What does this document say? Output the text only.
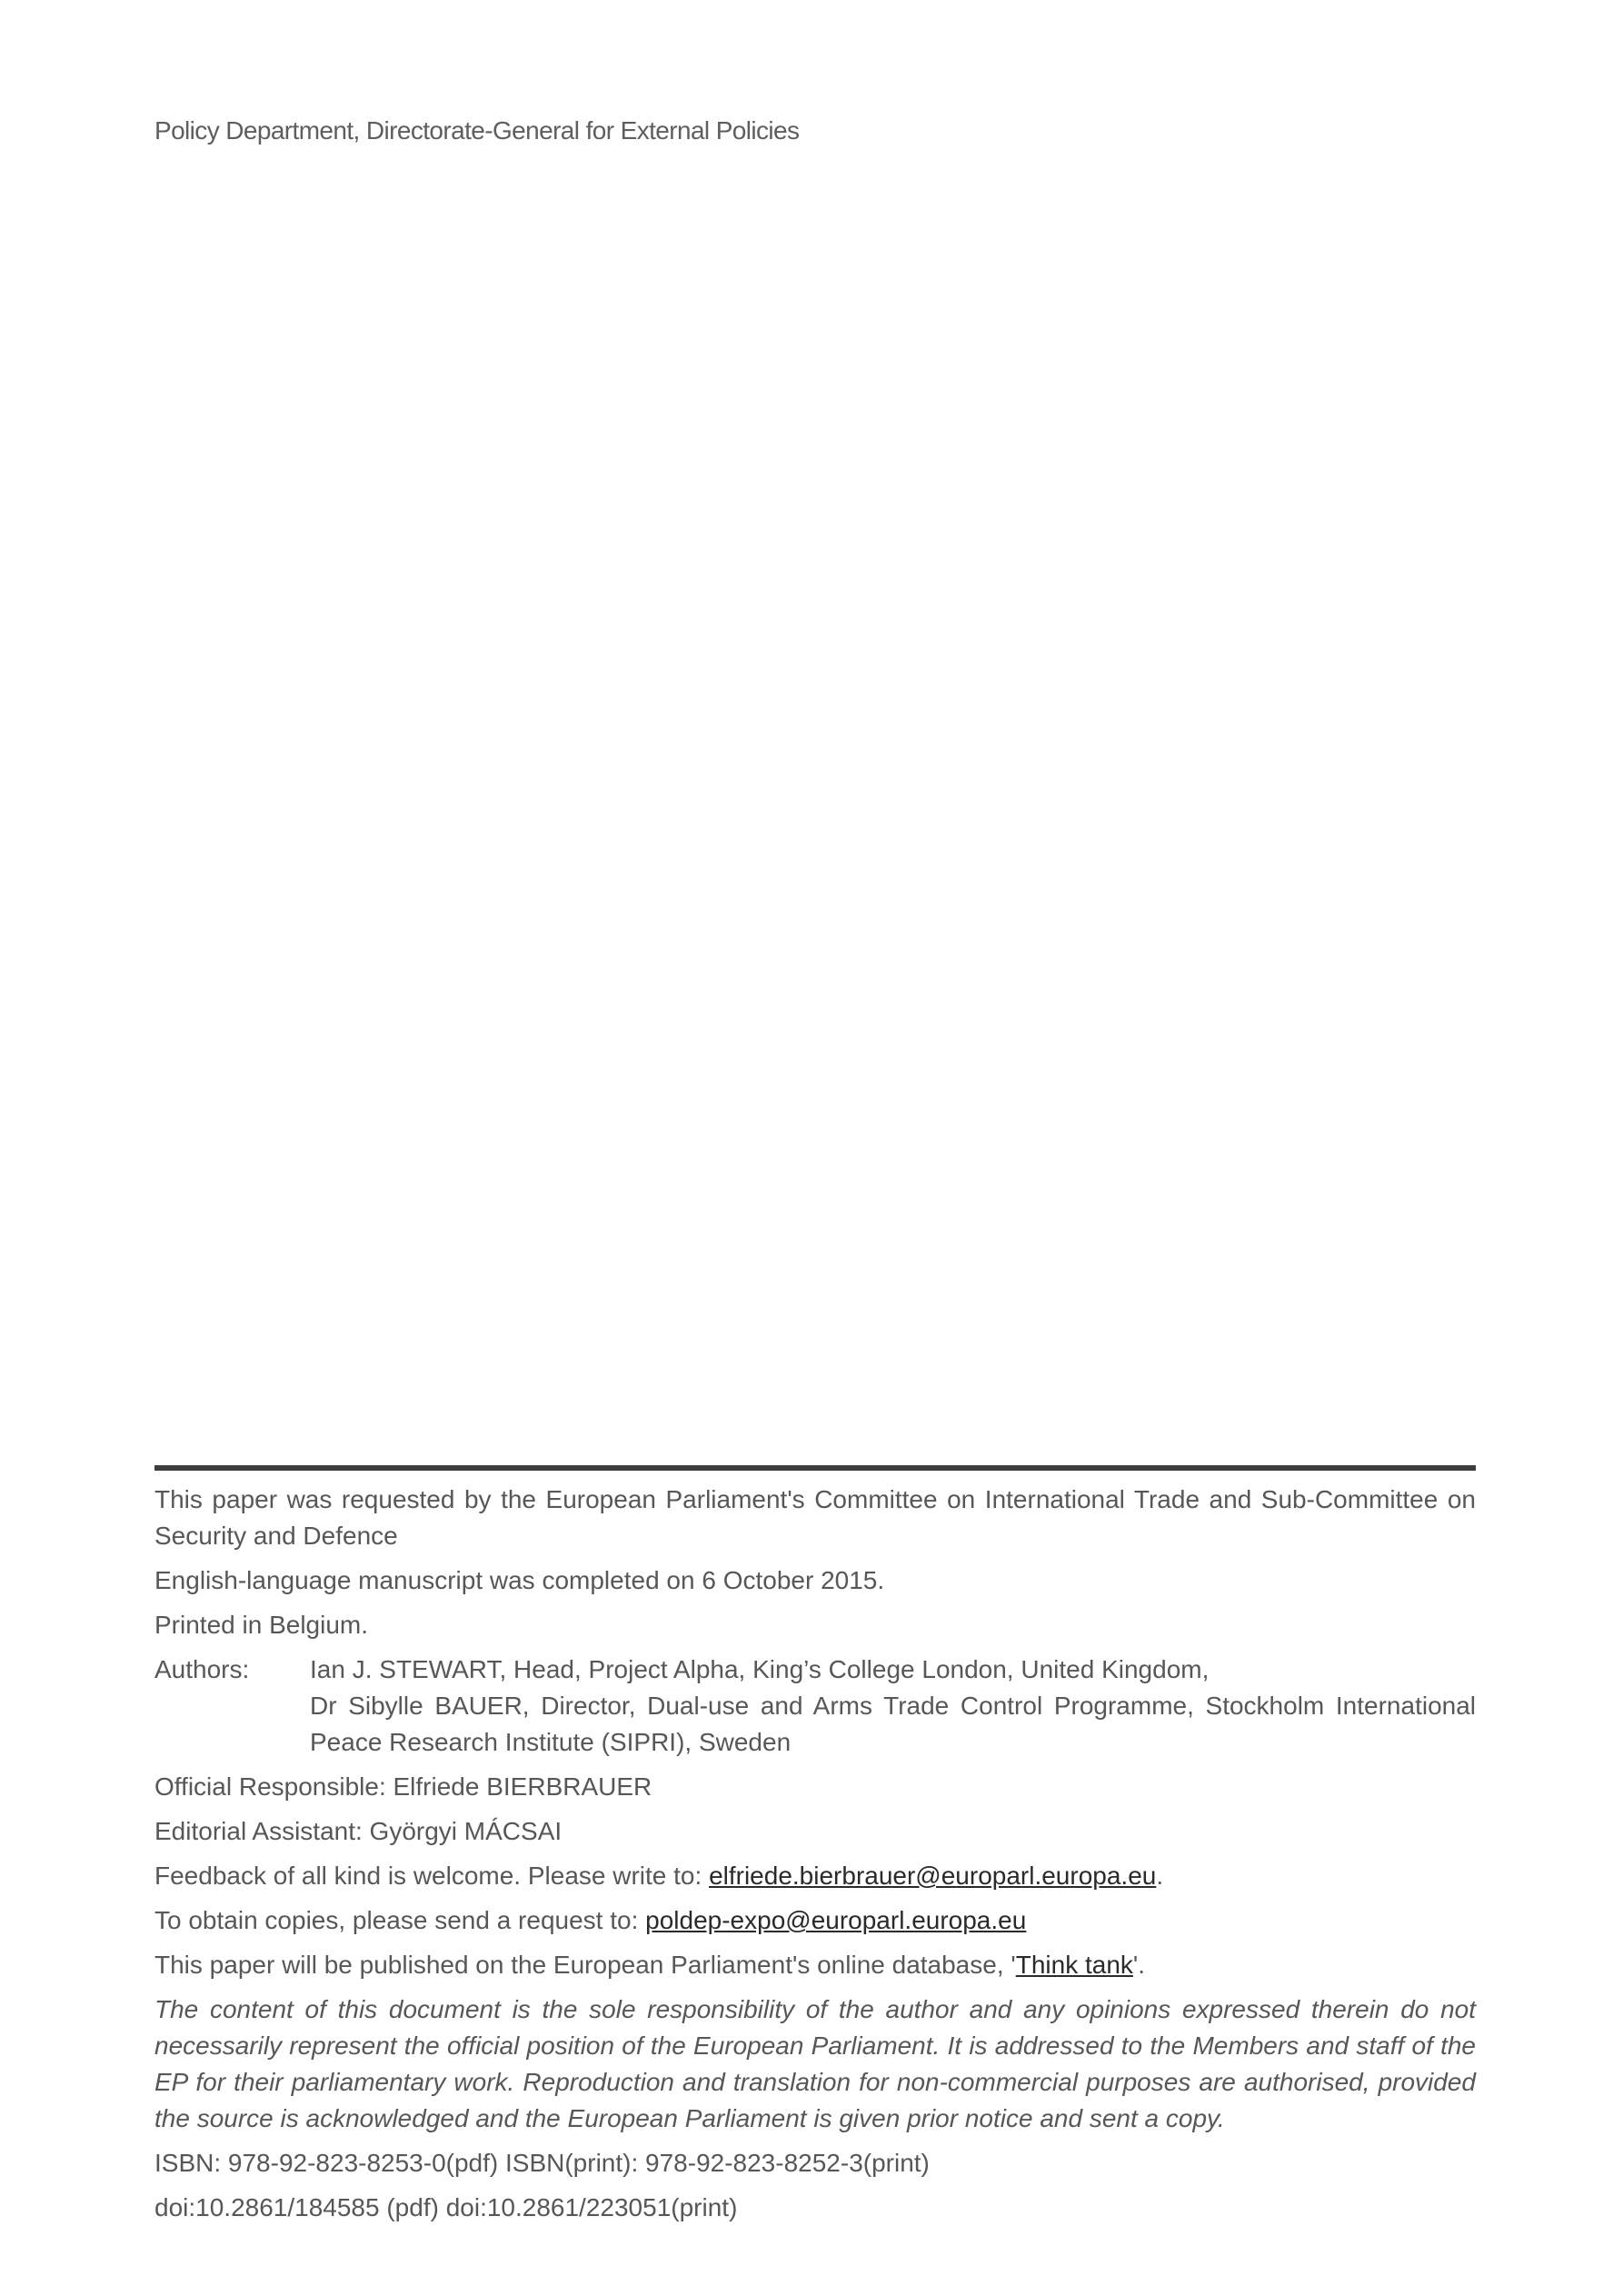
Policy Department, Directorate-General for External Policies

This paper was requested by the European Parliament's Committee on International Trade and Sub-Committee on Security and Defence

English-language manuscript was completed on 6 October 2015.

Printed in Belgium.

Authors:	Ian J. STEWART, Head, Project Alpha, King’s College London, United Kingdom,
Dr Sibylle BAUER, Director, Dual-use and Arms Trade Control Programme, Stockholm International Peace Research Institute (SIPRI), Sweden

Official Responsible: Elfriede BIERBRAUER

Editorial Assistant: Györgyi MÁCSAI

Feedback of all kind is welcome. Please write to: elfriede.bierbrauer@europarl.europa.eu.

To obtain copies, please send a request to: poldep-expo@europarl.europa.eu

This paper will be published on the European Parliament's online database, 'Think tank'.

The content of this document is the sole responsibility of the author and any opinions expressed therein do not necessarily represent the official position of the European Parliament. It is addressed to the Members and staff of the EP for their parliamentary work. Reproduction and translation for non-commercial purposes are authorised, provided the source is acknowledged and the European Parliament is given prior notice and sent a copy.

ISBN: 978-92-823-8253-0(pdf) ISBN(print): 978-92-823-8252-3(print)

doi:10.2861/184585 (pdf) doi:10.2861/223051(print)
